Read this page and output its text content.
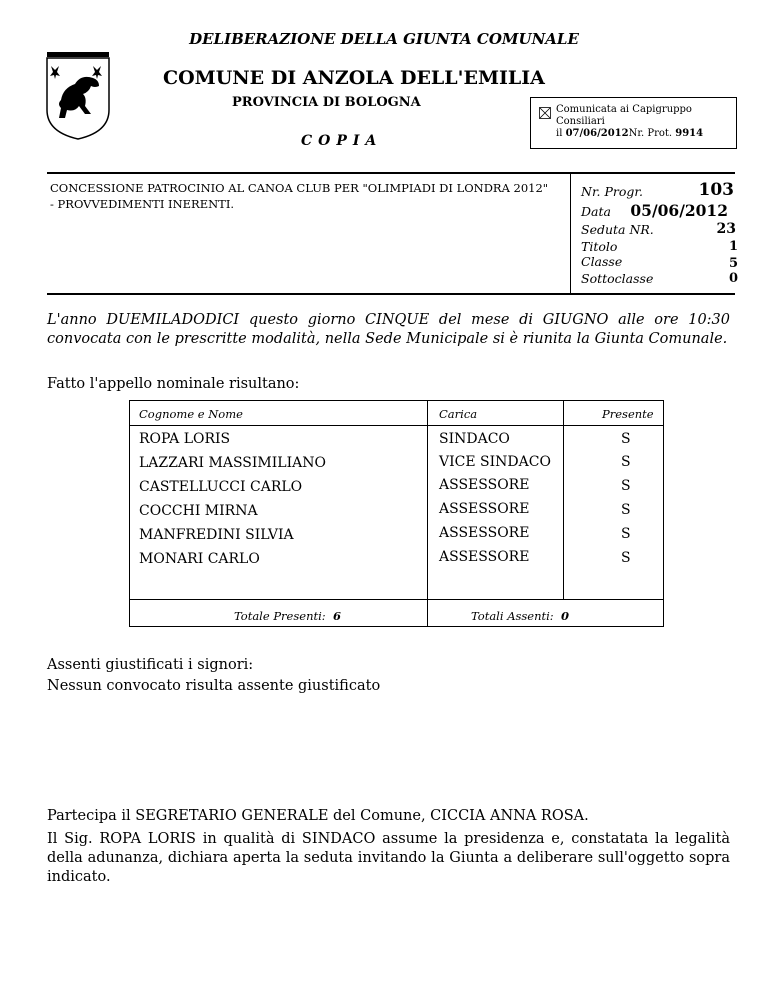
DELIBERAZIONE DELLA GIUNTA COMUNALE
COMUNE DI ANZOLA DELL'EMILIA
PROVINCIA DI BOLOGNA	Comunicata ai Capigruppo Consiliari
il 07/06/2012Nr. Prot. 9914
COPIA
CONCESSIONE PATROCINIO AL CANOA CLUB PER "OLIMPIADI DI LONDRA 2012" - PROVVEDIMENTI INERENTI.
Nr. Progr.	103
Data 05/06/2012
Seduta NR.	23
Titolo	1
Classe	5
Sottoclasse	0
L'anno DUEMILADODICI questo giorno CINQUE del mese di GIUGNO alle ore 10:30 convocata con le prescritte modalità, nella Sede Municipale si è riunita la Giunta Comunale.
Fatto l'appello nominale risultano:
Cognome e Nome	Carica	Presente
ROPA LORIS	SINDACO	S
LAZZARI MASSIMILIANO	VICE SINDACO	S
CASTELLUCCI CARLO	ASSESSORE	S
COCCHI MIRNA	ASSESSORE	S
MANFREDINI SILVIA	ASSESSORE	S
MONARI CARLO	ASSESSORE	S
Totale Presenti: 6	Totali Assenti: 0
Assenti giustificati i signori:
Nessun convocato risulta assente giustificato
Partecipa il SEGRETARIO GENERALE del Comune, CICCIA ANNA ROSA.
Il Sig. ROPA LORIS in qualità di SINDACO assume la presidenza e, constatata la legalità della adunanza, dichiara aperta la seduta invitando la Giunta a deliberare sull'oggetto sopra indicato.
